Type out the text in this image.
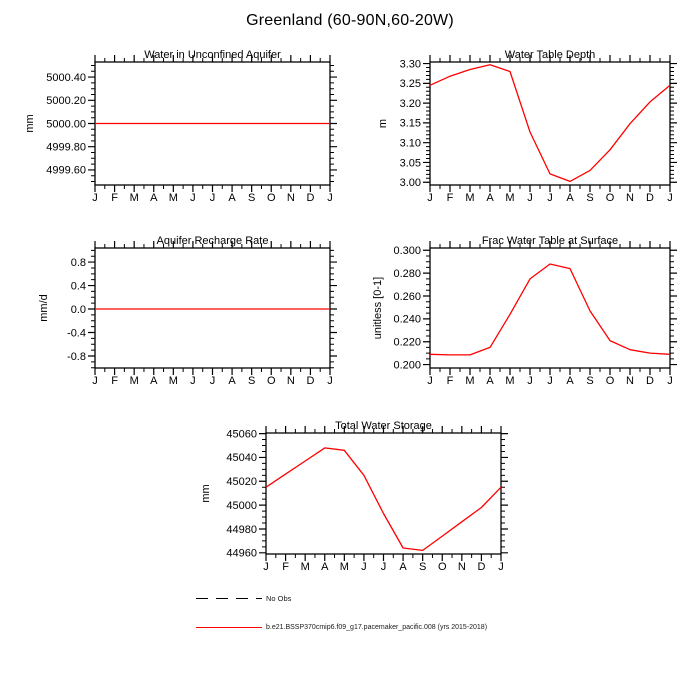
Greenland (60-90N,60-20W)
5000.40
5000.20
5000.00
4999.80
4999.60
J F M A M J J A S O N D J
Water in Unconfined Aquifer
mm
3.30
3.25
3.20
3.15
3.10
3.05
3.00
J F M A M J J A S O N D J
Water Table Depth
m
0.8
0.4
0.0
-0.4
-0.8
J F M A M J J A S O N D J
Aquifer Recharge Rate
mm/d
0.300
0.280
0.260
0.240
0.220
0.200
J F M A M J J A S O N D J
Frac Water Table at Surface
unitless [0-1]
45060
45040
45020
45000
44980
44960
J F M A M J J A S O N D J
Total Water Storage
mm
No Obs
b.e21.BSSP370cmip6.f09_g17.pacemaker_pacific.008 (yrs 2015-2018)
